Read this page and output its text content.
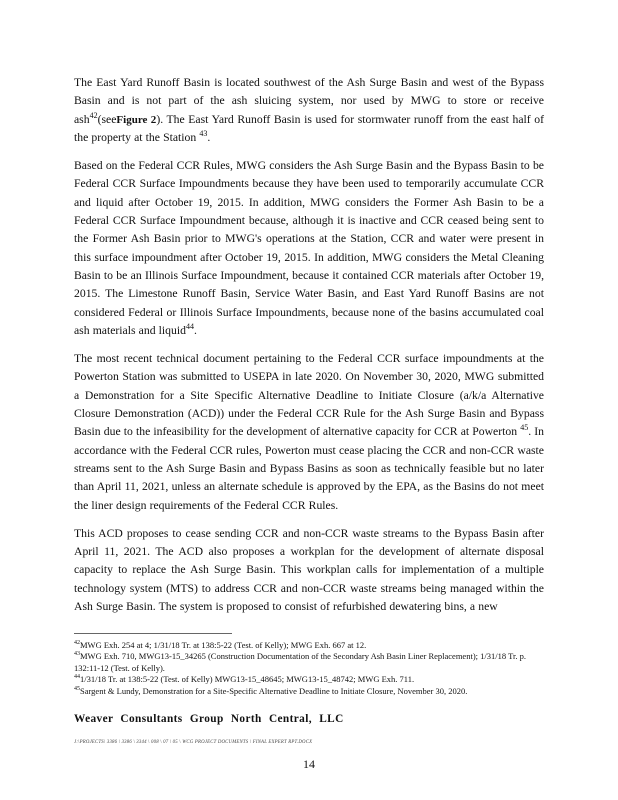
The East Yard Runoff Basin is located southwest of the Ash Surge Basin and west of the Bypass Basin and is not part of the ash sluicing system, nor used by MWG to store or receive ash$^{42}$(seeFigure 2). The East Yard Runoff Basin is used for stormwater runoff from the east half of the property at the Station $^{43}$.

Based on the Federal CCR Rules, MWG considers the Ash Surge Basin and the Bypass Basin to be Federal CCR Surface Impoundments because they have been used to temporarily accumulate CCR and liquid after October 19, 2015. In addition, MWG considers the Former Ash Basin to be a Federal CCR Surface Impoundment because, although it is inactive and CCR ceased being sent to the Former Ash Basin prior to MWG's operations at the Station, CCR and water were present in this surface impoundment after October 19, 2015. In addition, MWG considers the Metal Cleaning Basin to be an Illinois Surface Impoundment, because it contained CCR materials after October 19, 2015. The Limestone Runoff Basin, Service Water Basin, and East Yard Runoff Basins are not considered Federal or Illinois Surface Impoundments, because none of the basins accumulated coal ash materials and liquid$^{44}$.

The most recent technical document pertaining to the Federal CCR surface impoundments at the Powerton Station was submitted to USEPA in late 2020. On November 30, 2020, MWG submitted a Demonstration for a Site Specific Alternative Deadline to Initiate Closure (a/k/a Alternative Closure Demonstration (ACD)) under the Federal CCR Rule for the Ash Surge Basin and Bypass Basin due to the infeasibility for the development of alternative capacity for CCR at Powerton $^{45}$. In accordance with the Federal CCR rules, Powerton must cease placing the CCR and non-CCR waste streams sent to the Ash Surge Basin and Bypass Basins as soon as technically feasible but no later than April 11, 2021, unless an alternate schedule is approved by the EPA, as the Basins do not meet the liner design requirements of the Federal CCR Rules.

This ACD proposes to cease sending CCR and non-CCR waste streams to the Bypass Basin after April 11, 2021. The ACD also proposes a workplan for the development of alternate disposal capacity to replace the Ash Surge Basin. This workplan calls for implementation of a multiple technology system (MTS) to address CCR and non-CCR waste streams being managed within the Ash Surge Basin. The system is proposed to consist of refurbished dewatering bins, a new

$^{42}$MWG Exh. 254 at 4; 1/31/18 Tr. at 138:5-22 (Test. of Kelly); MWG Exh. 667 at 12.

$^{43}$MWG Exh. 710, MWG13-15_34265 (Construction Documentation of the Secondary Ash Basin Liner Replacement); 1/31/18 Tr. p. 132:11-12 (Test. of Kelly).

$^{44}$1/31/18 Tr. at 138:5-22 (Test. of Kelly) MWG13-15_48645; MWG13-15_48742; MWG Exh. 711.

$^{45}$Sargent & Lundy, Demonstration for a Site-Specific Alternative Deadline to Initiate Closure, November 30, 2020.

Weaver Consultants Group North Central, LLC
J:\PROJECTS\ 3386 \ 3386 \ 3344 \ 008 \ 07 \ 05 \ WCG PROJECT DOCUMENTS \ FINAL EXPERT RPT.DOCX
14
